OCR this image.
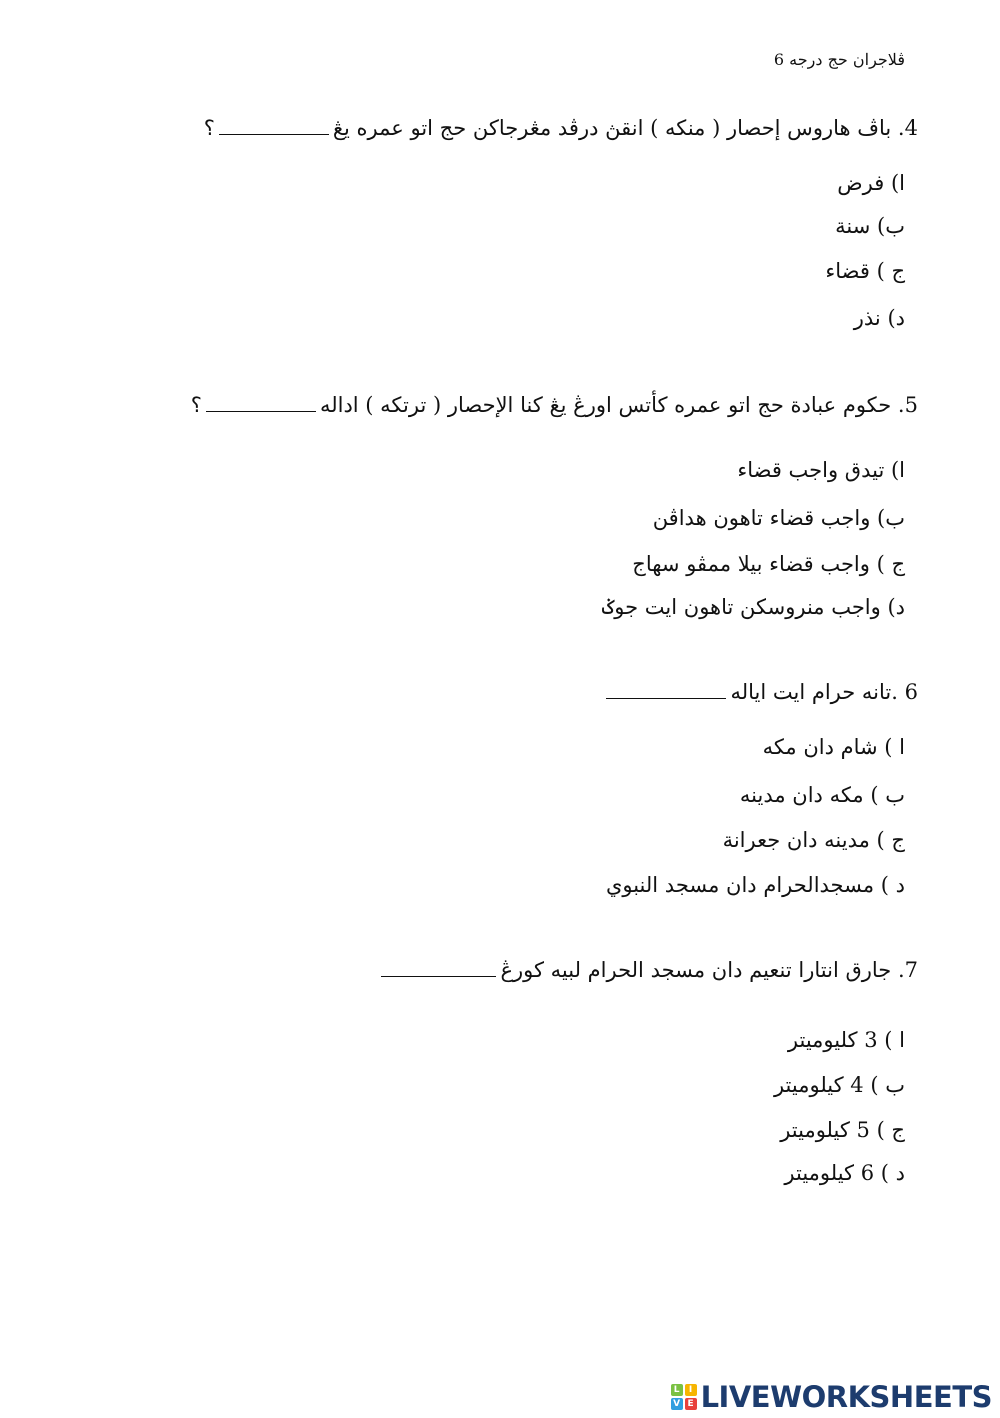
ڤلاجران حج درجه 6
4. باڤ هاروس إحصار ( منكه ) انقڽ درڤد مڠرجاكن حج اتو عمره يڠ؟
ا) فرض
ب) سنة
ج ) قضاء
د) نذر
5. حكوم عبادة حج اتو عمره كأتس اورڠ يڠ كنا الإحصار ( ترتكه ) اداله؟
ا) تيدق واجب قضاء
ب) واجب قضاء تاهون هداڤن
ج ) واجب قضاء بيلا ممڤو سهاج
د) واجب منروسكن تاهون ايت جوݢ
6 .تانه حرام ايت اياله
ا ) شام دان مكه
ب ) مكه دان مدينه
ج ) مدينه دان جعرانة
د ) مسجدالحرام دان مسجد النبوي
7. جارق انتارا تنعيم دان مسجد الحرام لبيه كورڠ
ا ) 3 كليوميتر
ب ) 4 كيلوميتر
ج ) 5 كيلوميتر
د ) 6 كيلوميتر
L	I
V E LIVEWORKSHEETS
